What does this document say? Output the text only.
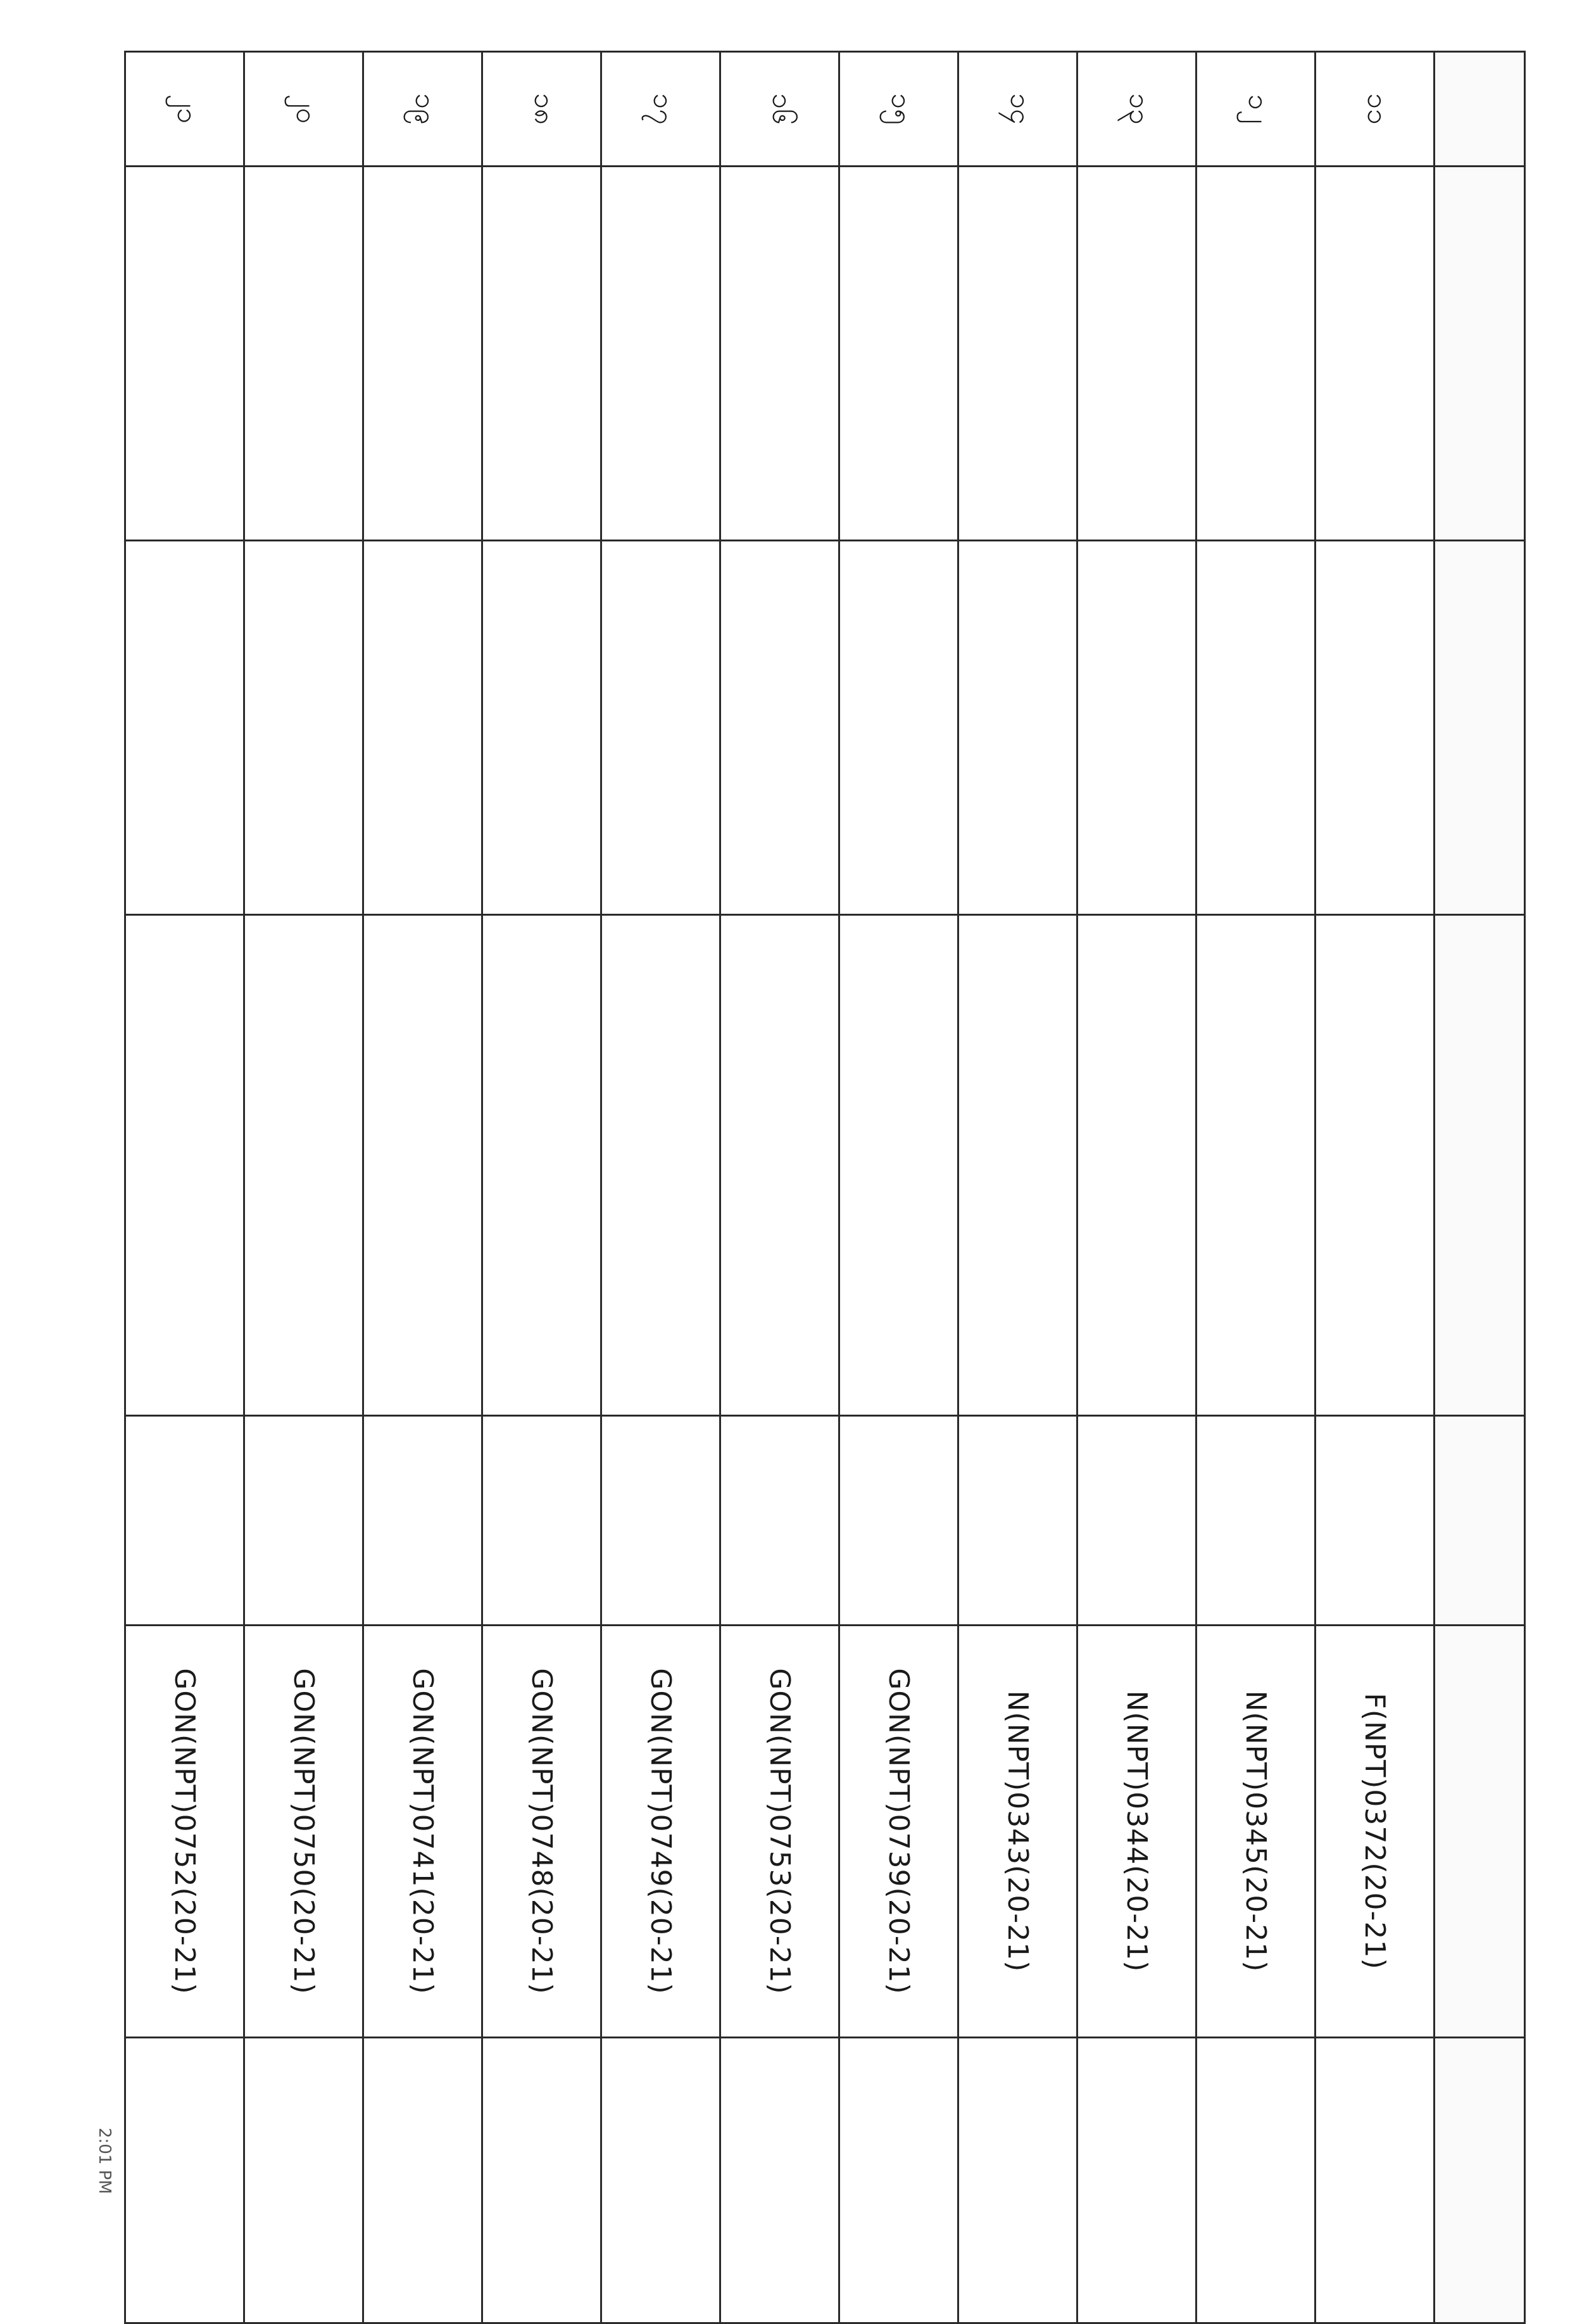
၁၁					F(NPT)0372(20-21)	
၁၂					N(NPT)0345(20-21)	
၁၃					N(NPT)0344(20-21)	
၁၄					N(NPT)0343(20-21)	
၁၅					GON(NPT)0739(20-21)	
၁၆					GON(NPT)0753(20-21)	
၁၇					GON(NPT)0749(20-21)	
၁၈					GON(NPT)0748(20-21)	
၁၉					GON(NPT)0741(20-21)	
၂၀					GON(NPT)0750(20-21)	
၂၁					GON(NPT)0752(20-21)	
2:01 PM
